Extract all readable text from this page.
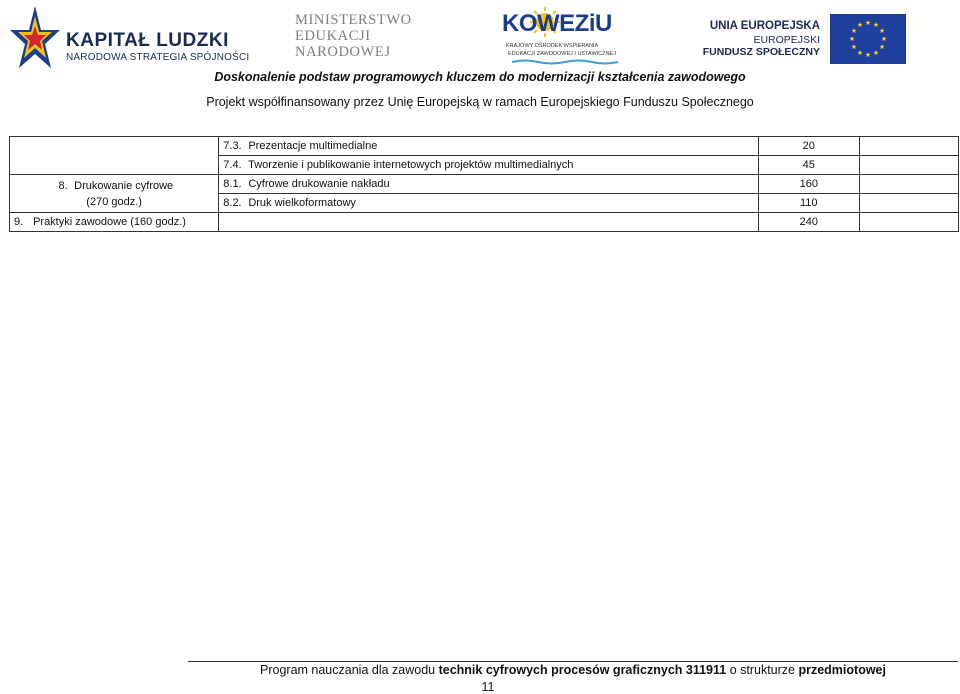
KAPITAŁ LUDZKI
NARODOWA STRATEGIA SPÓJNOŚCI
MINISTERSTWO
EDUKACJI
NARODOWEJ
KOWEZiU
KRAJOWY OŚRODEK WSPIERANIA
EDUKACJI ZAWODOWEJ I USTAWICZNEJ
UNIA EUROPEJSKA
EUROPEJSKI
FUNDUSZ SPOŁECZNY
★ ★
★
★
★
★
★
★
★
★
★
★
Doskonalenie podstaw programowych kluczem do modernizacji kształcenia zawodowego
Projekt współfinansowany przez Unię Europejską w ramach Europejskiego Funduszu Społecznego
	7.3. Prezentacje multimedialne	20	
	7.4. Tworzenie i publikowanie internetowych projektów multimedialnych	45	

8. Drukowanie cyfrowe
(270 godz.)	8.1. Cyfrowe drukowanie nakładu	160	
	8.2. Druk wielkoformatowy	110	
9. Praktyki zawodowe (160 godz.)		240	
Program nauczania dla zawodu technik cyfrowych procesów graficznych 311911 o strukturze przedmiotowej
11
